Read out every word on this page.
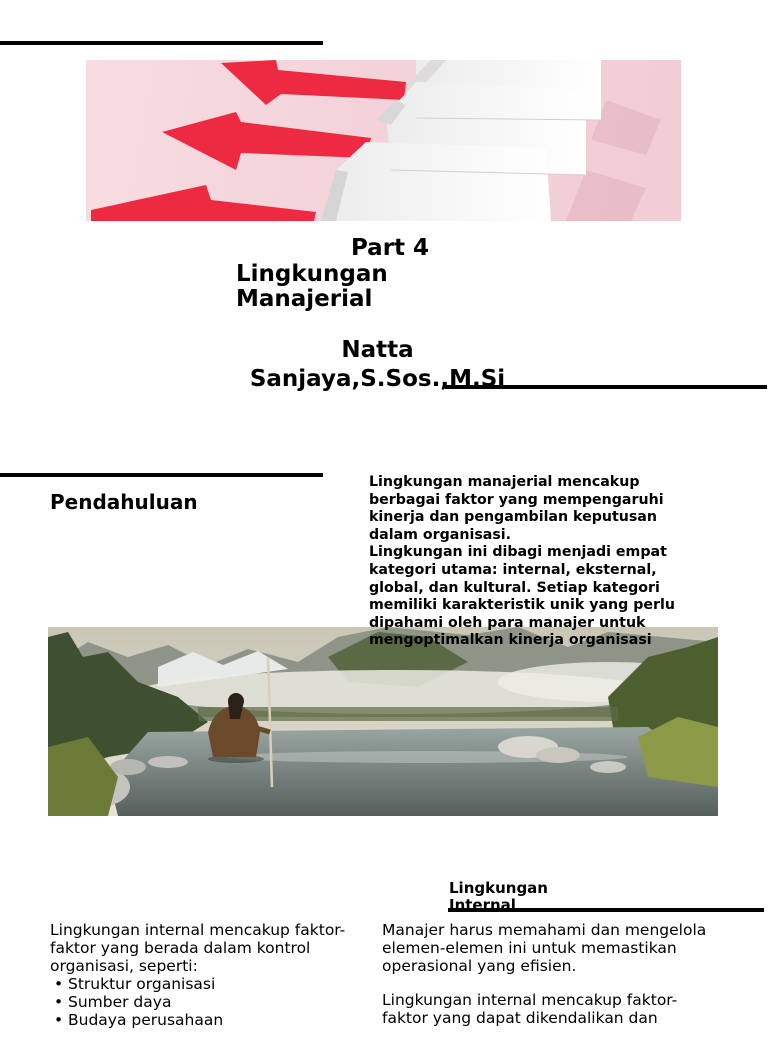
Part 4
Lingkungan Manajerial
Natta
Sanjaya,S.Sos.,M.Si
Pendahuluan

Lingkungan manajerial mencakup berbagai faktor yang mempengaruhi kinerja dan pengambilan keputusan dalam organisasi.

Lingkungan ini dibagi menjadi empat kategori utama: internal, eksternal, global, dan kultural. Setiap kategori memiliki karakteristik unik yang perlu dipahami oleh para manajer untuk mengoptimalkan kinerja organisasi

Lingkungan Internal
Lingkungan internal mencakup faktor-faktor yang berada dalam kontrol organisasi, seperti:
• Struktur organisasi
• Sumber daya
• Budaya perusahaan

Manajer harus memahami dan mengelola elemen-elemen ini untuk memastikan operasional yang efisien.

Lingkungan internal mencakup faktor-faktor yang dapat dikendalikan dan
